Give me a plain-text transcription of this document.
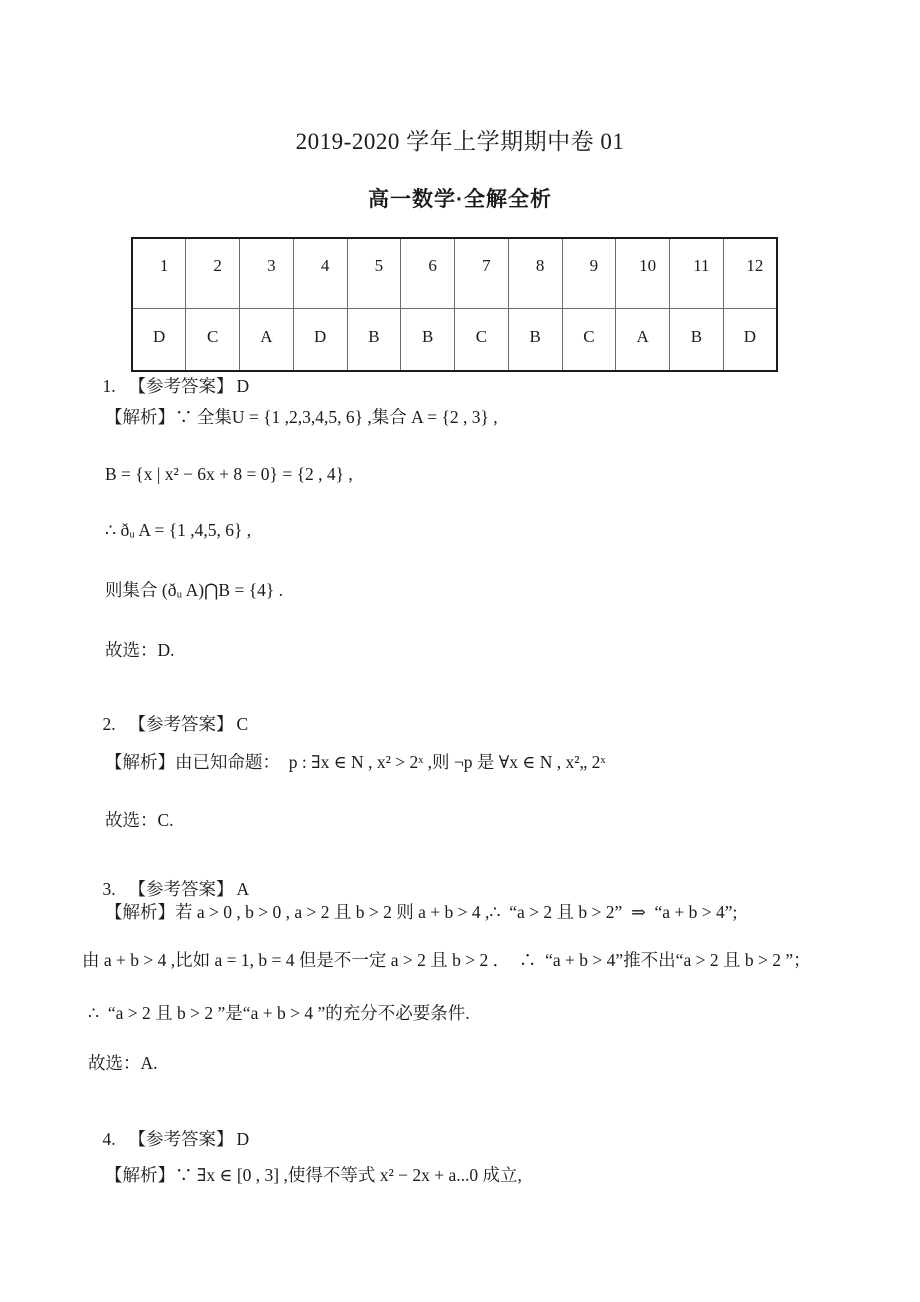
2019-2020 学年上学期期中卷 01
高一数学·全解全析
1	2	3	4	5	6	7	8	9	10	11	12
D	C	A	D	B	B	C	B	C	A	B	D

1. 【参考答案】 D

【解析】∵ 全集U = {1 ,2,3,4,5, 6} ,集合 A = {2 , 3} ,
B = {x | x² − 6x + 8 = 0} = {2 , 4} ,
∴ ðᵤ A = {1 ,4,5, 6} ,
则集合 (ðᵤ A)⋂B = {4} .
故选：D.

2. 【参考答案】 C

【解析】由已知命题：  p : ∃x ∈ N , x² > 2ˣ ,则 ¬p 是 ∀x ∈ N , x²„ 2ˣ
故选：C.

3. 【参考答案】 A

【解析】若 a > 0 , b > 0 , a > 2 且 b > 2 则 a + b > 4 ,∴  “a > 2 且 b > 2”  ⇒  “a + b > 4”;
由 a + b > 4 ,比如 a = 1, b = 4 但是不一定 a > 2 且 b > 2 ．  ∴  “a + b > 4”推不出“a > 2 且 b > 2 ”；
∴  “a > 2 且 b > 2 ”是“a + b > 4 ”的充分不必要条件.
故选：A.

4. 【参考答案】 D

【解析】∵ ∃x ∈ [0 , 3] ,使得不等式 x² − 2x + a...0 成立,
